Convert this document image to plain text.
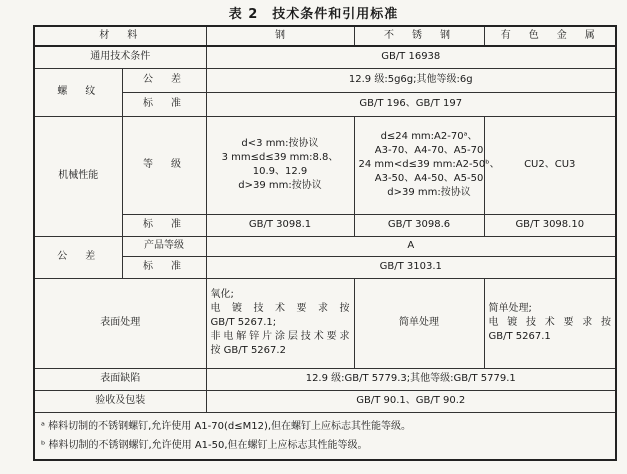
表 2　技术条件和引用标准
材　料		钢	不　锈　钢	有　色　金　属
通用技术条件		GB/T 16938		
螺　纹	公　差	12.9 级:5g6g;其他等级:6g		
	标　准	GB/T 196、GB/T 197		
机械性能	等　级	d<3 mm:按协议
3 mm≤d≤39 mm:8.8、
10.9、12.9
d>39 mm:按协议	d≤24 mm:A2-70ᵃ、
A3-70、A4-70、A5-70
24 mm<d≤39 mm:A2-50ᵇ、
A3-50、A4-50、A5-50
d>39 mm:按协议	CU2、CU3
	标　准	GB/T 3098.1	GB/T 3098.6	GB/T 3098.10
公　差	产品等级	A		
	标　准	GB/T 3103.1		
表面处理		氧化;
电镀技术要求按
GB/T 5267.1;
非电解锌片涂层技术要求
按 GB/T 5267.2	简单处理	简单处理;
电镀技术要求按
GB/T 5267.1

表面缺陷		12.9 级:GB/T 5779.3;其他等级:GB/T 5779.1		
验收及包装		GB/T 90.1、GB/T 90.2		

ᵃ 棒料切制的不锈钢螺钉,允许使用 A1-70(d≤M12),但在螺钉上应标志其性能等级。
ᵇ 棒料切制的不锈钢螺钉,允许使用 A1-50,但在螺钉上应标志其性能等级。				
